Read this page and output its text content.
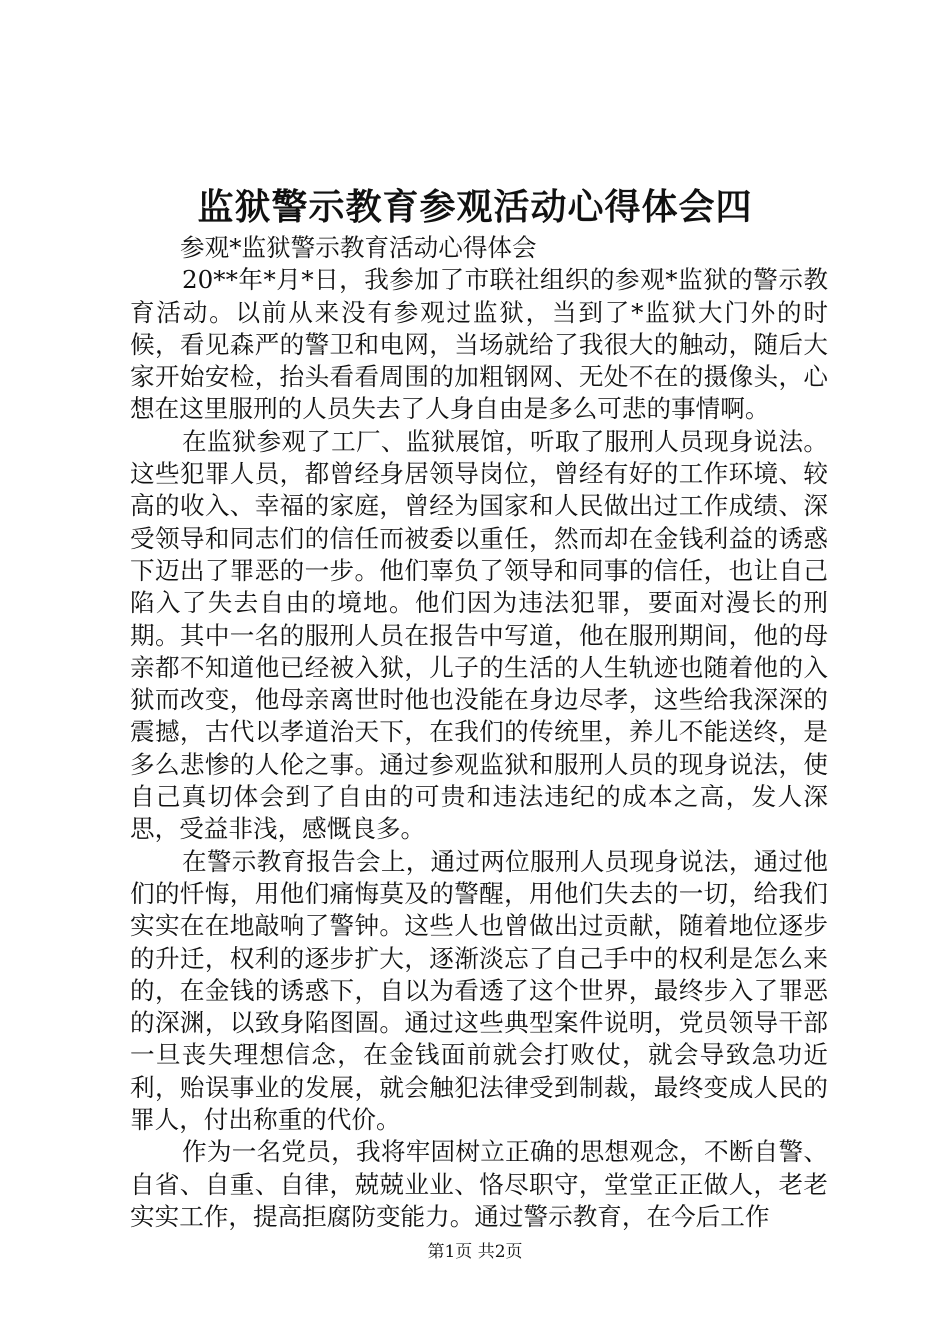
监狱警示教育参观活动心得体会四

参观*监狱警示教育活动心得体会

20**年*月*日，我参加了市联社组织的参观*监狱的警示教育活动。以前从来没有参观过监狱，当到了*监狱大门外的时候，看见森严的警卫和电网，当场就给了我很大的触动，随后大家开始安检，抬头看看周围的加粗钢网、无处不在的摄像头，心想在这里服刑的人员失去了人身自由是多么可悲的事情啊。

在监狱参观了工厂、监狱展馆，听取了服刑人员现身说法。这些犯罪人员，都曾经身居领导岗位，曾经有好的工作环境、较高的收入、幸福的家庭，曾经为国家和人民做出过工作成绩、深受领导和同志们的信任而被委以重任，然而却在金钱利益的诱惑下迈出了罪恶的一步。他们辜负了领导和同事的信任，也让自己陷入了失去自由的境地。他们因为违法犯罪，要面对漫长的刑期。其中一名的服刑人员在报告中写道，他在服刑期间，他的母亲都不知道他已经被入狱，儿子的生活的人生轨迹也随着他的入狱而改变，他母亲离世时他也没能在身边尽孝，这些给我深深的震撼，古代以孝道治天下，在我们的传统里，养儿不能送终，是多么悲惨的人伦之事。通过参观监狱和服刑人员的现身说法，使自己真切体会到了自由的可贵和违法违纪的成本之高，发人深思，受益非浅，感慨良多。

在警示教育报告会上，通过两位服刑人员现身说法，通过他们的忏悔，用他们痛悔莫及的警醒，用他们失去的一切，给我们实实在在地敲响了警钟。这些人也曾做出过贡献，随着地位逐步的升迁，权利的逐步扩大，逐渐淡忘了自己手中的权利是怎么来的，在金钱的诱惑下，自以为看透了这个世界，最终步入了罪恶的深渊，以致身陷图圄。通过这些典型案件说明，党员领导干部一旦丧失理想信念，在金钱面前就会打败仗，就会导致急功近利，贻误事业的发展，就会触犯法律受到制裁，最终变成人民的罪人，付出称重的代价。

作为一名党员，我将牢固树立正确的思想观念，不断自警、自省、自重、自律，兢兢业业、恪尽职守，堂堂正正做人，老老实实工作，提高拒腐防变能力。通过警示教育，在今后工作

第1页 共2页
